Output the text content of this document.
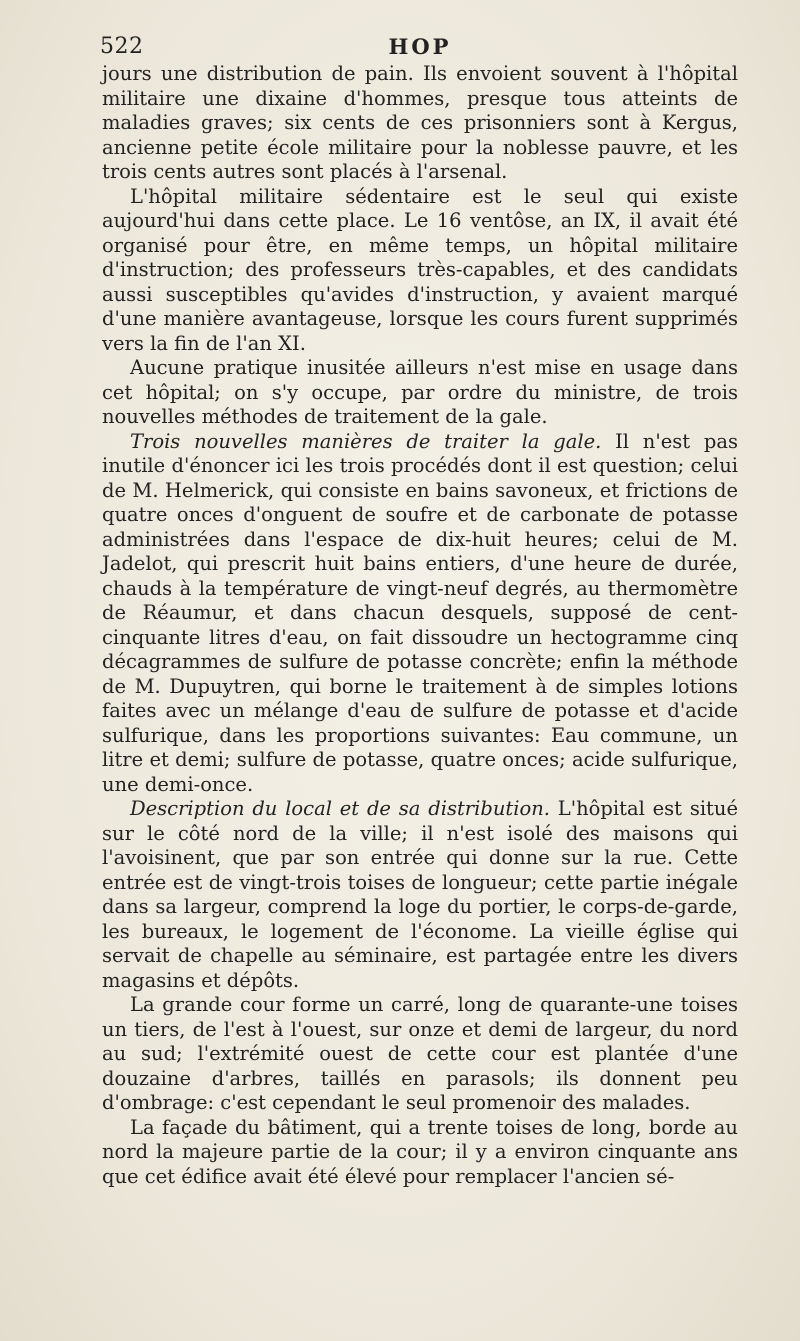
522	HOP

jours une distribution de pain. Ils envoient souvent à l'hôpital militaire une dixaine d'hommes, presque tous atteints de maladies graves; six cents de ces prisonniers sont à Kergus, ancienne petite école militaire pour la noblesse pauvre, et les trois cents autres sont placés à l'arsenal.

L'hôpital militaire sédentaire est le seul qui existe aujourd'hui dans cette place. Le 16 ventôse, an IX, il avait été organisé pour être, en même temps, un hôpital militaire d'instruction; des professeurs très-capables, et des candidats aussi susceptibles qu'avides d'instruction, y avaient marqué d'une manière avantageuse, lorsque les cours furent supprimés vers la fin de l'an XI.

Aucune pratique inusitée ailleurs n'est mise en usage dans cet hôpital; on s'y occupe, par ordre du ministre, de trois nouvelles méthodes de traitement de la gale.

Trois nouvelles manières de traiter la gale. Il n'est pas inutile d'énoncer ici les trois procédés dont il est question; celui de M. Helmerick, qui consiste en bains savoneux, et frictions de quatre onces d'onguent de soufre et de carbonate de potasse administrées dans l'espace de dix-huit heures; celui de M. Jadelot, qui prescrit huit bains entiers, d'une heure de durée, chauds à la température de vingt-neuf degrés, au thermomètre de Réaumur, et dans chacun desquels, supposé de cent-cinquante litres d'eau, on fait dissoudre un hectogramme cinq décagrammes de sulfure de potasse concrète; enfin la méthode de M. Dupuytren, qui borne le traitement à de simples lotions faites avec un mélange d'eau de sulfure de potasse et d'acide sulfurique, dans les proportions suivantes: Eau commune, un litre et demi; sulfure de potasse, quatre onces; acide sulfurique, une demi-once.

Description du local et de sa distribution. L'hôpital est situé sur le côté nord de la ville; il n'est isolé des maisons qui l'avoisinent, que par son entrée qui donne sur la rue. Cette entrée est de vingt-trois toises de longueur; cette partie inégale dans sa largeur, comprend la loge du portier, le corps-de-garde, les bureaux, le logement de l'économe. La vieille église qui servait de chapelle au séminaire, est partagée entre les divers magasins et dépôts.

La grande cour forme un carré, long de quarante-une toises un tiers, de l'est à l'ouest, sur onze et demi de largeur, du nord au sud; l'extrémité ouest de cette cour est plantée d'une douzaine d'arbres, taillés en parasols; ils donnent peu d'ombrage: c'est cependant le seul promenoir des malades.

La façade du bâtiment, qui a trente toises de long, borde au nord la majeure partie de la cour; il y a environ cinquante ans que cet édifice avait été élevé pour remplacer l'ancien sé-
